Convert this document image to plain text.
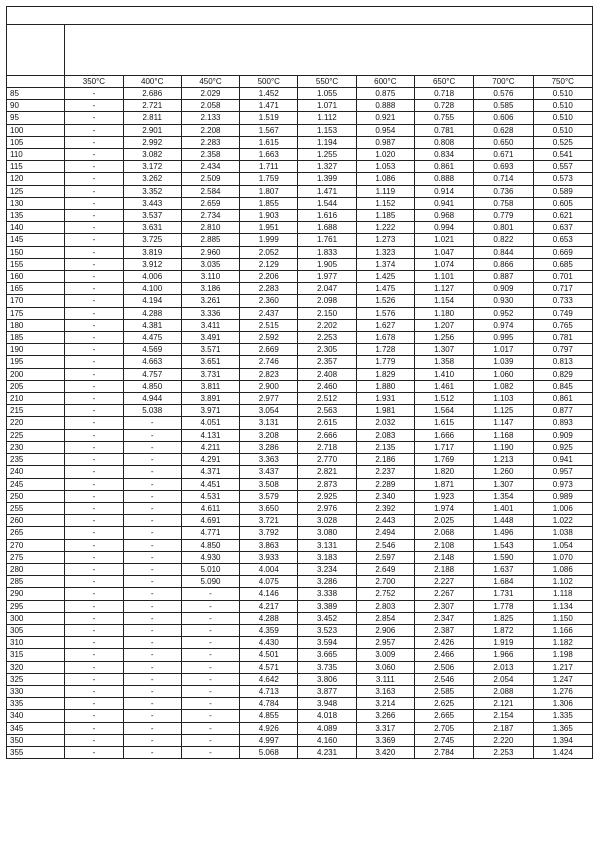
	350°C	400°C	450°C	500°C	550°C	600°C	650°C	700°C	750°C
85	-	2.686	2.029	1.452	1.055	0.875	0.718	0.576	0.510
90	-	2.721	2.058	1.471	1.071	0.888	0.728	0.585	0.510
95	-	2.811	2.133	1.519	1.112	0.921	0.755	0.606	0.510
100	-	2.901	2.208	1.567	1.153	0.954	0.781	0.628	0.510
105	-	2.992	2.283	1.615	1.194	0.987	0.808	0.650	0.525
110	-	3.082	2.358	1.663	1.255	1.020	0.834	0.671	0.541
115	-	3.172	2.434	1.711	1.327	1.053	0.861	0.693	0.557
120	-	3.262	2.509	1.759	1.399	1.086	0.888	0.714	0.573
125	-	3.352	2.584	1.807	1.471	1.119	0.914	0.736	0.589
130	-	3.443	2.659	1.855	1.544	1.152	0.941	0.758	0.605
135	-	3.537	2.734	1.903	1.616	1.185	0.968	0.779	0.621
140	-	3.631	2.810	1.951	1.688	1.222	0.994	0.801	0.637
145	-	3.725	2.885	1.999	1.761	1.273	1.021	0.822	0.653
150	-	3.819	2.960	2.052	1.833	1.323	1.047	0.844	0.669
155	-	3.912	3.035	2.129	1.905	1.374	1.074	0.866	0.685
160	-	4.006	3.110	2.206	1.977	1.425	1.101	0.887	0.701
165	-	4.100	3.186	2.283	2.047	1.475	1.127	0.909	0.717
170	-	4.194	3.261	2.360	2.098	1.526	1.154	0.930	0.733
175	-	4.288	3.336	2.437	2.150	1.576	1.180	0.952	0.749
180	-	4.381	3.411	2.515	2.202	1.627	1.207	0.974	0.765
185	-	4.475	3.491	2.592	2.253	1.678	1.256	0.995	0.781
190	-	4.569	3.571	2.669	2.305	1.728	1.307	1.017	0.797
195	-	4.663	3.651	2.746	2.357	1.779	1.358	1.039	0.813
200	-	4.757	3.731	2.823	2.408	1.829	1.410	1.060	0.829
205	-	4.850	3.811	2.900	2.460	1.880	1.461	1.082	0.845
210	-	4.944	3.891	2.977	2.512	1.931	1.512	1.103	0.861
215	-	5.038	3.971	3.054	2.563	1.981	1.564	1.125	0.877
220	-	-	4.051	3.131	2.615	2.032	1.615	1.147	0.893
225	-	-	4.131	3.208	2.666	2.083	1.666	1.168	0.909
230	-	-	4.211	3.286	2.718	2.135	1.717	1.190	0.925
235	-	-	4.291	3.363	2.770	2.186	1.769	1.213	0.941
240	-	-	4.371	3.437	2.821	2.237	1.820	1.260	0.957
245	-	-	4.451	3.508	2.873	2.289	1.871	1.307	0.973
250	-	-	4.531	3.579	2.925	2.340	1.923	1.354	0.989
255	-	-	4.611	3.650	2.976	2.392	1.974	1.401	1.006
260	-	-	4.691	3.721	3.028	2.443	2.025	1.448	1.022
265	-	-	4.771	3.792	3.080	2.494	2.068	1.496	1.038
270	-	-	4.850	3.863	3.131	2.546	2.108	1.543	1.054
275	-	-	4.930	3.933	3.183	2.597	2.148	1.590	1.070
280	-	-	5.010	4.004	3.234	2.649	2.188	1.637	1.086
285	-	-	5.090	4.075	3.286	2.700	2.227	1.684	1.102
290	-	-	-	4.146	3.338	2.752	2.267	1.731	1.118
295	-	-	-	4.217	3.389	2.803	2.307	1.778	1.134
300	-	-	-	4.288	3.452	2.854	2.347	1.825	1.150
305	-	-	-	4.359	3.523	2.906	2.387	1.872	1.166
310	-	-	-	4.430	3.594	2.957	2.426	1.919	1.182
315	-	-	-	4.501	3.665	3.009	2.466	1.966	1.198
320	-	-	-	4.571	3.735	3.060	2.506	2.013	1.217
325	-	-	-	4.642	3.806	3.111	2.546	2.054	1.247
330	-	-	-	4.713	3.877	3.163	2.585	2.088	1.276
335	-	-	-	4.784	3.948	3.214	2.625	2.121	1.306
340	-	-	-	4.855	4.018	3.266	2.665	2.154	1.335
345	-	-	-	4.926	4.089	3.317	2.705	2.187	1.365
350	-	-	-	4.997	4.160	3.369	2.745	2.220	1.394
355	-	-	-	5.068	4.231	3.420	2.784	2.253	1.424
